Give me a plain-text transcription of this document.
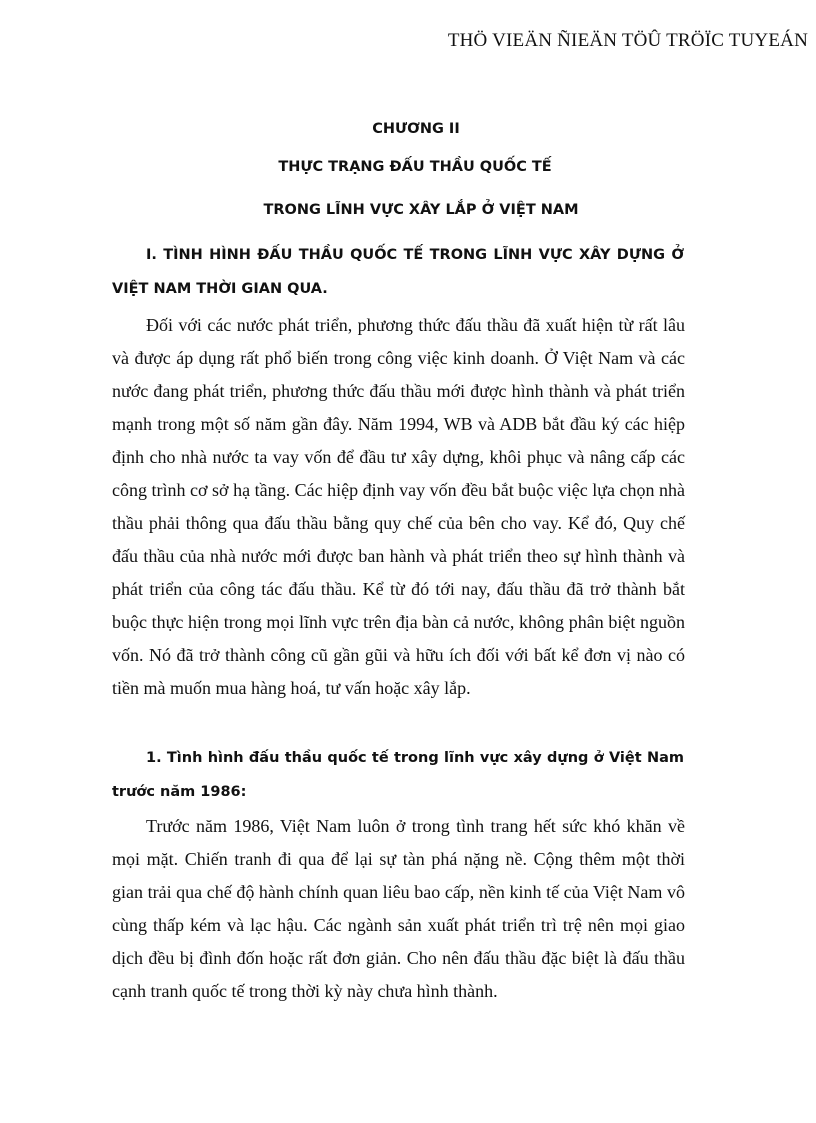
THÖ VIEÄN ÑIEÄN TÖÛ TRÖÏC TUYEÁN
CHƯƠNG II
THỰC TRẠNG ĐẤU THẦU QUỐC TẾ
TRONG LĨNH VỰC XÂY LẮP Ở VIỆT NAM

I. TÌNH HÌNH ĐẤU THẦU QUỐC TẾ TRONG LĨNH VỰC XÂY DỰNG Ở VIỆT NAM THỜI GIAN QUA.

Đối với các nước phát triển, phương thức đấu thầu đã xuất hiện từ rất lâu và được áp dụng rất phổ biến trong công việc kinh doanh. Ở Việt Nam và các nước đang phát triển, phương thức đấu thầu mới được hình thành và phát triển mạnh trong một số năm gần đây. Năm 1994, WB và ADB bắt đầu ký các hiệp định cho nhà nước ta vay vốn để đầu tư xây dựng, khôi phục và nâng cấp các công trình cơ sở hạ tầng. Các hiệp định vay vốn đều bắt buộc việc lựa chọn nhà thầu phải thông qua đấu thầu bằng quy chế của bên cho vay. Kể đó, Quy chế đấu thầu của nhà nước mới được ban hành và phát triển theo sự hình thành và phát triển của công tác đấu thầu. Kể từ đó tới nay, đấu thầu đã trở thành bắt buộc thực hiện trong mọi lĩnh vực trên địa bàn cả nước, không phân biệt nguồn vốn. Nó đã trở thành công cũ gần gũi và hữu ích đối với bất kể đơn vị nào có tiền mà muốn mua hàng hoá, tư vấn hoặc xây lắp.

1. Tình hình đấu thầu quốc tế trong lĩnh vực xây dựng ở Việt Nam trước năm 1986:

Trước năm 1986, Việt Nam luôn ở trong tình trang hết sức khó khăn về mọi mặt. Chiến tranh đi qua để lại sự tàn phá nặng nề. Cộng thêm một thời gian trải qua chế độ hành chính quan liêu bao cấp, nền kinh tế của Việt Nam vô cùng thấp kém và lạc hậu. Các ngành sản xuất phát triển trì trệ nên mọi giao dịch đều bị đình đốn hoặc rất đơn giản. Cho nên đấu thầu đặc biệt là đấu thầu cạnh tranh quốc tế trong thời kỳ này chưa hình thành.
